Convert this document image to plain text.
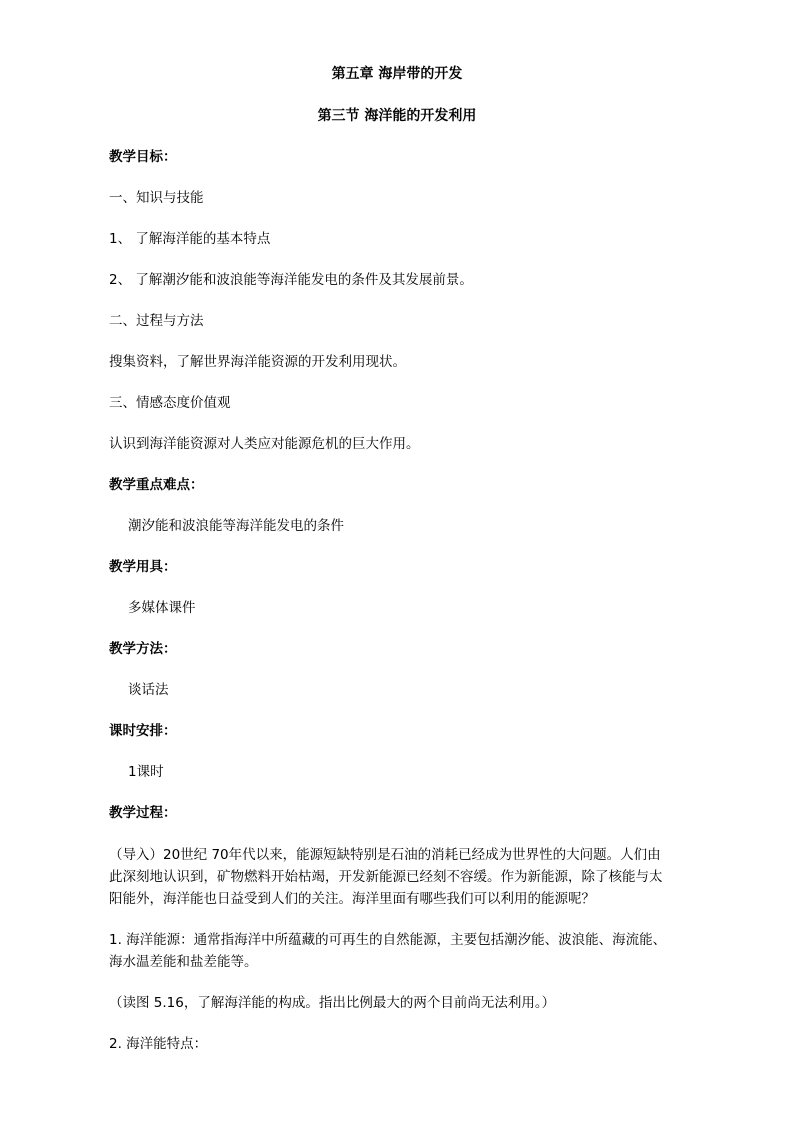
第五章 海岸带的开发
第三节 海洋能的开发利用
教学目标：
一、知识与技能
1、 了解海洋能的基本特点
2、 了解潮汐能和波浪能等海洋能发电的条件及其发展前景。
二、过程与方法
搜集资料，了解世界海洋能资源的开发利用现状。
三、情感态度价值观
认识到海洋能资源对人类应对能源危机的巨大作用。
教学重点难点：
潮汐能和波浪能等海洋能发电的条件
教学用具：
多媒体课件
教学方法：
谈话法
课时安排：
1课时
教学过程：
（导入）20世纪 70年代以来，能源短缺特别是石油的消耗已经成为世界性的大问题。人们由
此深刻地认识到，矿物燃料开始枯竭，开发新能源已经刻不容缓。作为新能源，除了核能与太
阳能外，海洋能也日益受到人们的关注。海洋里面有哪些我们可以利用的能源呢？
1. 海洋能源：通常指海洋中所蕴藏的可再生的自然能源，主要包括潮汐能、波浪能、海流能、
海水温差能和盐差能等。
（读图 5.16，了解海洋能的构成。指出比例最大的两个目前尚无法利用。）
2. 海洋能特点：
